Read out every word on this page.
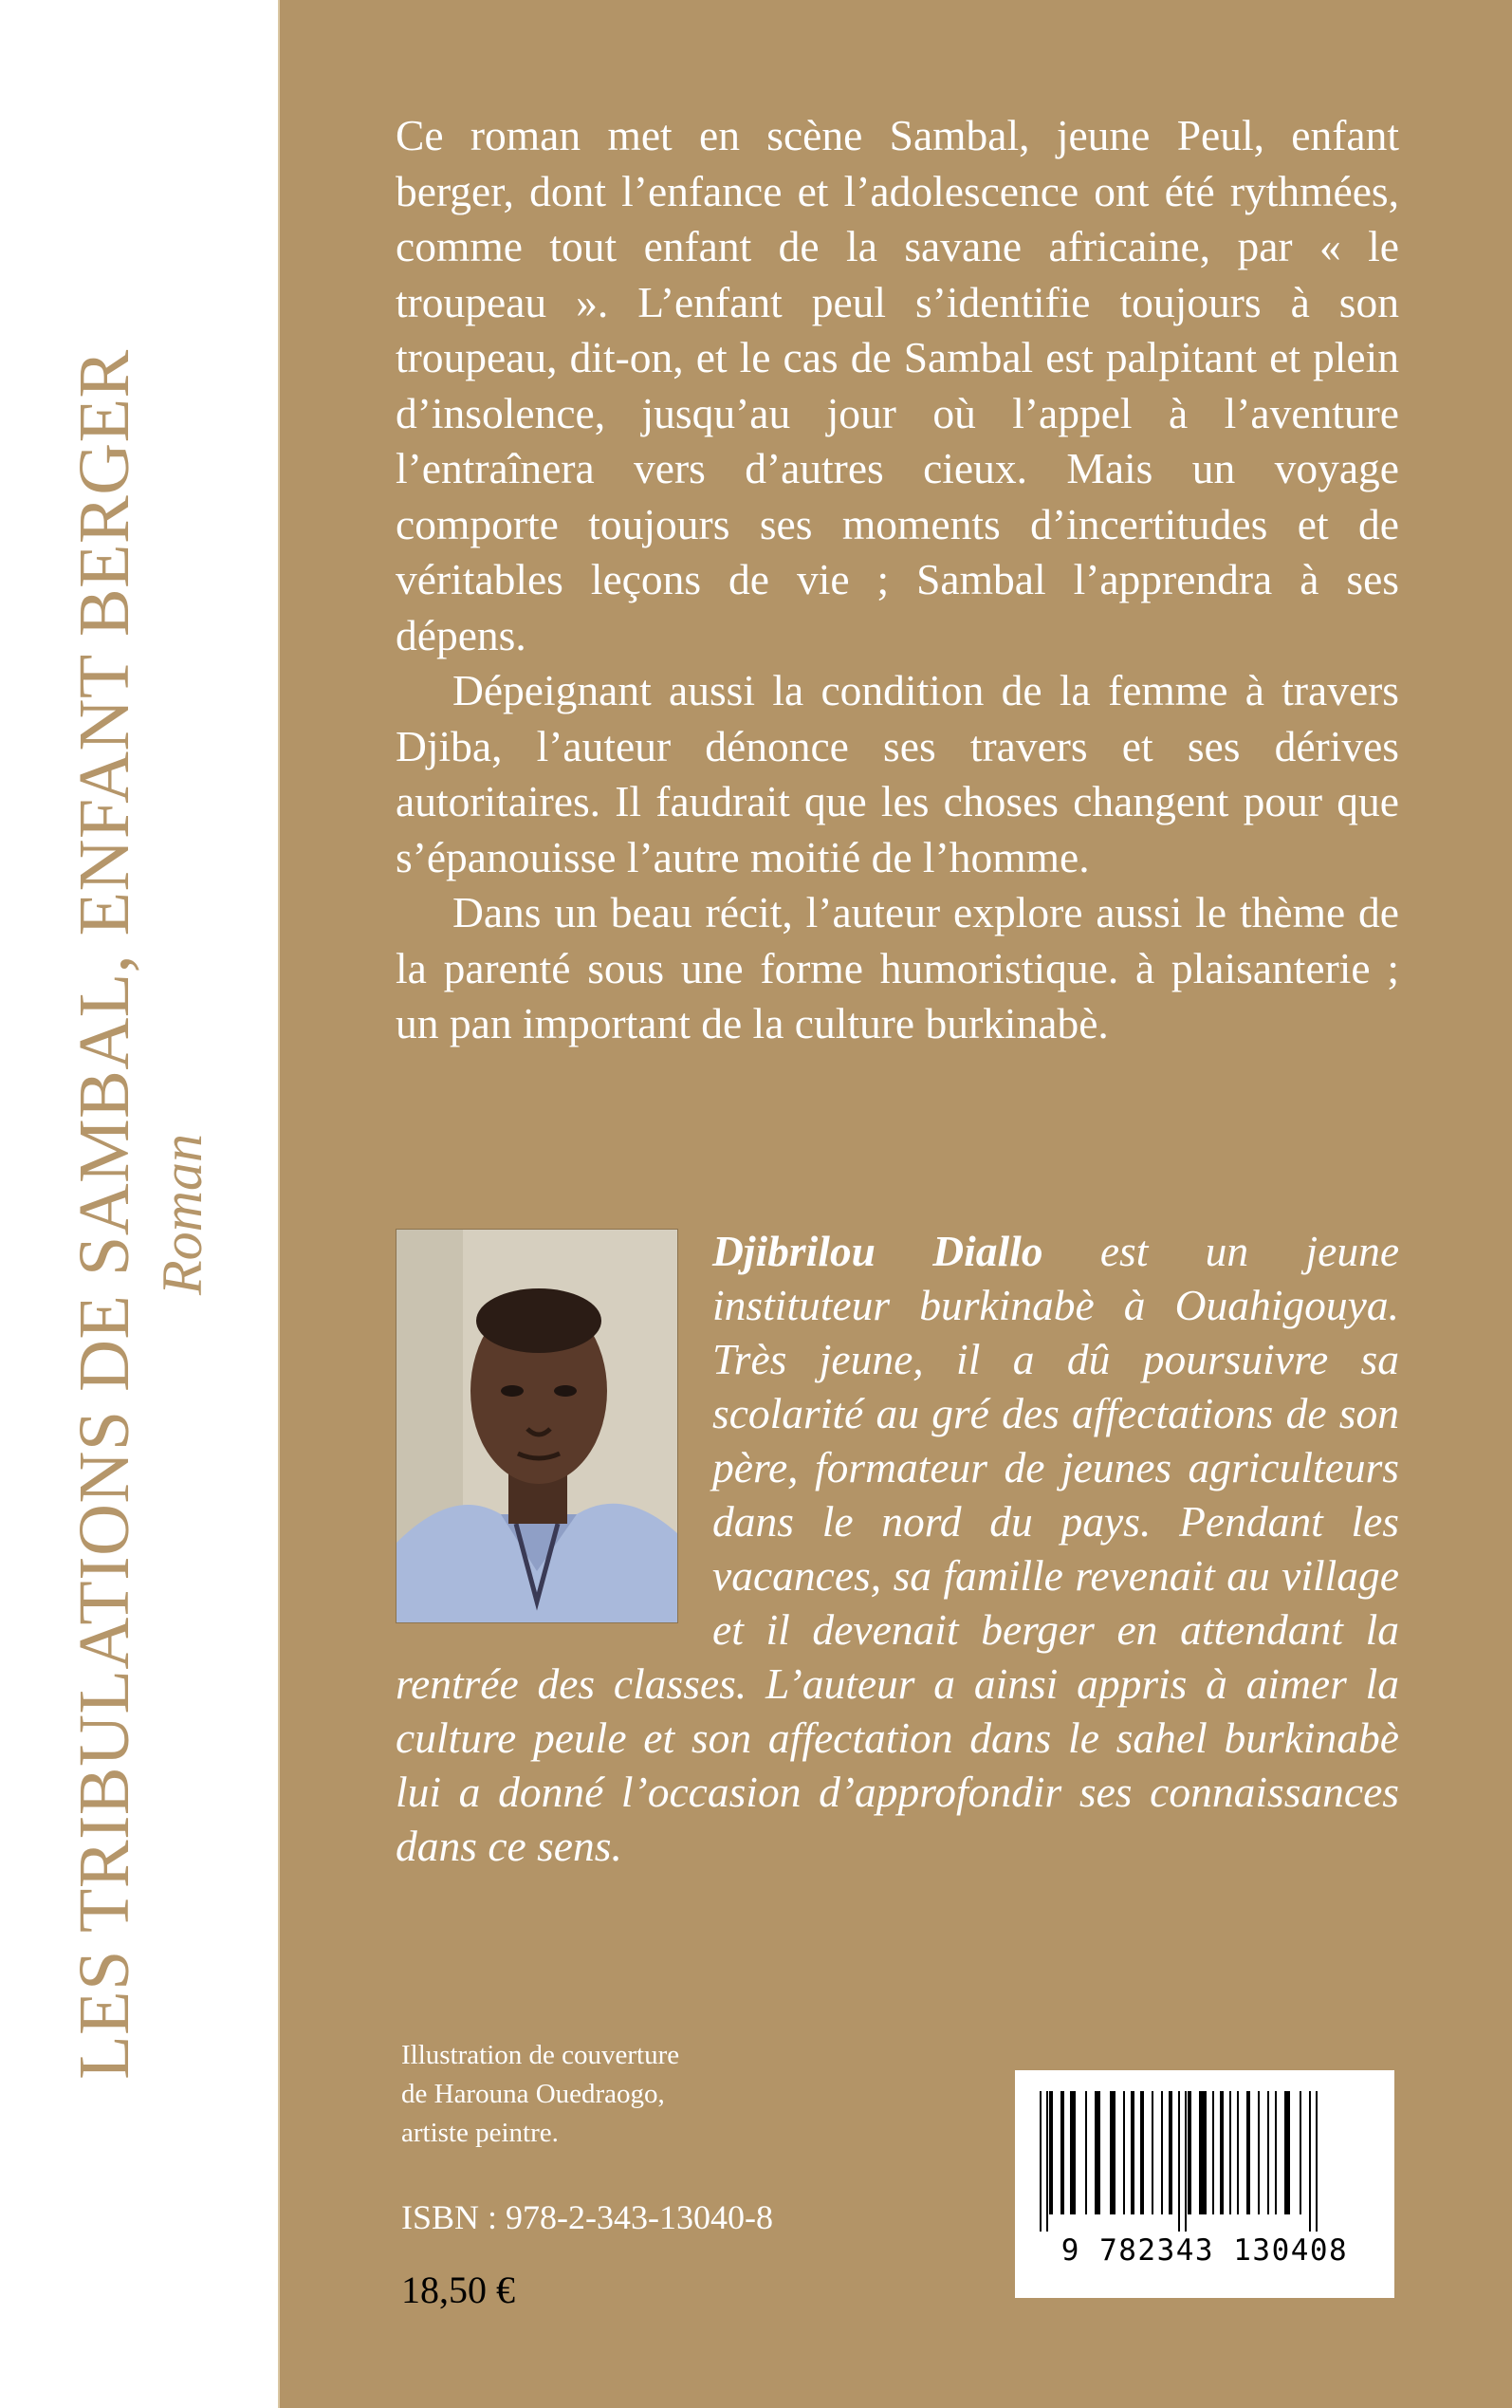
LES TRIBULATIONS DE SAMBAL, ENFANT BERGER Roman

Ce roman met en scène Sambal, jeune Peul, enfant berger, dont l’enfance et l’adolescence ont été rythmées, comme tout enfant de la savane africaine, par « le troupeau ». L’enfant peul s’identifie toujours à son troupeau, dit-on, et le cas de Sambal est palpitant et plein d’insolence, jusqu’au jour où l’appel à l’aventure l’entraînera vers d’autres cieux. Mais un voyage comporte toujours ses moments d’incertitudes et de véritables leçons de vie ; Sambal l’apprendra à ses dépens.

Dépeignant aussi la condition de la femme à travers Djiba, l’auteur dénonce ses travers et ses dérives autoritaires. Il faudrait que les choses changent pour que s’épanouisse l’autre moitié de l’homme.

Dans un beau récit, l’auteur explore aussi le thème de la parenté sous une forme humoristique. à plaisanterie ; un pan important de la culture burkinabè.

Djibrilou Diallo est un jeune instituteur burkinabè à Ouahigouya. Très jeune, il a dû poursuivre sa scolarité au gré des affectations de son père, formateur de jeunes agriculteurs dans le nord du pays. Pendant les vacances, sa famille revenait au village et il devenait berger en attendant la rentrée des classes. L’auteur a ainsi appris à aimer la culture peule et son affectation dans le sahel burkinabè lui a donné l’occasion d’approfondir ses connaissances dans ce sens.

Illustration de couverture
de Harouna Ouedraogo,
artiste peintre.
ISBN : 978-2-343-13040-8
18,50 €
9 782343 130408
